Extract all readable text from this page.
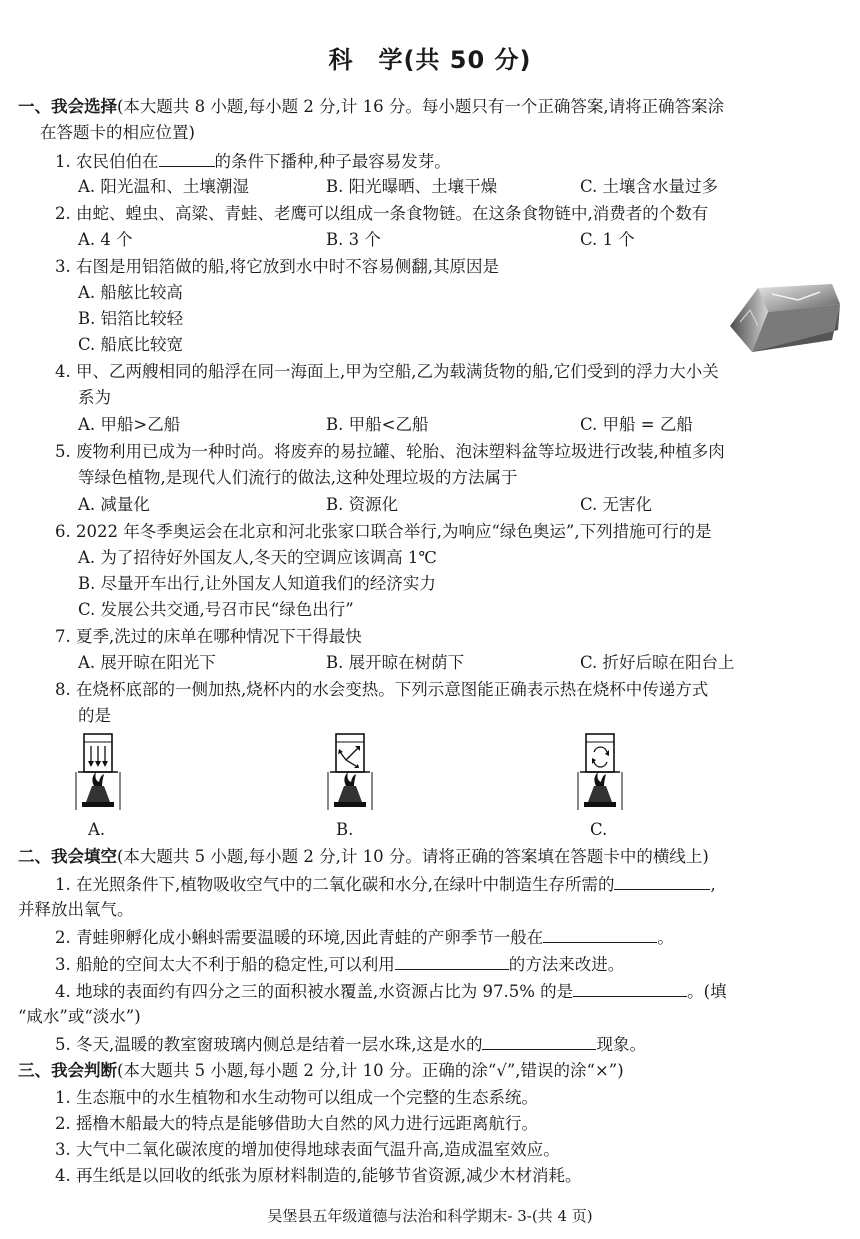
科　学(共 50 分)
一、我会选择(本大题共 8 小题,每小题 2 分,计 16 分。每小题只有一个正确答案,请将正确答案涂
在答题卡的相应位置)
1. 农民伯伯在	的条件下播种,种子最容易发芽。
A. 阳光温和、土壤潮湿	B. 阳光曝晒、土壤干燥	C. 土壤含水量过多
2. 由蛇、蝗虫、高粱、青蛙、老鹰可以组成一条食物链。在这条食物链中,消费者的个数有
A. 4 个	B. 3 个	C. 1 个
3. 右图是用铝箔做的船,将它放到水中时不容易侧翻,其原因是
A. 船舷比较高
B. 铝箔比较轻
C. 船底比较宽
4. 甲、乙两艘相同的船浮在同一海面上,甲为空船,乙为载满货物的船,它们受到的浮力大小关
系为
A. 甲船>乙船	B. 甲船<乙船	C. 甲船 = 乙船
5. 废物利用已成为一种时尚。将废弃的易拉罐、轮胎、泡沫塑料盆等垃圾进行改装,种植多肉
等绿色植物,是现代人们流行的做法,这种处理垃圾的方法属于
A. 减量化	B. 资源化	C. 无害化
6. 2022 年冬季奥运会在北京和河北张家口联合举行,为响应“绿色奥运”,下列措施可行的是
A. 为了招待好外国友人,冬天的空调应该调高 1℃
B. 尽量开车出行,让外国友人知道我们的经济实力
C. 发展公共交通,号召市民“绿色出行”
7. 夏季,洗过的床单在哪种情况下干得最快
A. 展开晾在阳光下	B. 展开晾在树荫下	C. 折好后晾在阳台上
8. 在烧杯底部的一侧加热,烧杯内的水会变热。下列示意图能正确表示热在烧杯中传递方式
的是
A.	B.	C.
二、我会填空(本大题共 5 小题,每小题 2 分,计 10 分。请将正确的答案填在答题卡中的横线上)
1. 在光照条件下,植物吸收空气中的二氧化碳和水分,在绿叶中制造生存所需的	,
并释放出氧气。
2. 青蛙卵孵化成小蝌蚪需要温暖的环境,因此青蛙的产卵季节一般在	。
3. 船舱的空间太大不利于船的稳定性,可以利用	的方法来改进。
4. 地球的表面约有四分之三的面积被水覆盖,水资源占比为 97.5% 的是	。(填
“咸水”或“淡水”)
5. 冬天,温暖的教室窗玻璃内侧总是结着一层水珠,这是水的	现象。
三、我会判断(本大题共 5 小题,每小题 2 分,计 10 分。正确的涂“√”,错误的涂“×”)
1. 生态瓶中的水生植物和水生动物可以组成一个完整的生态系统。
2. 摇橹木船最大的特点是能够借助大自然的风力进行远距离航行。
3. 大气中二氧化碳浓度的增加使得地球表面气温升高,造成温室效应。
4. 再生纸是以回收的纸张为原材料制造的,能够节省资源,减少木材消耗。
吴堡县五年级道德与法治和科学期末- 3-(共 4 页)
